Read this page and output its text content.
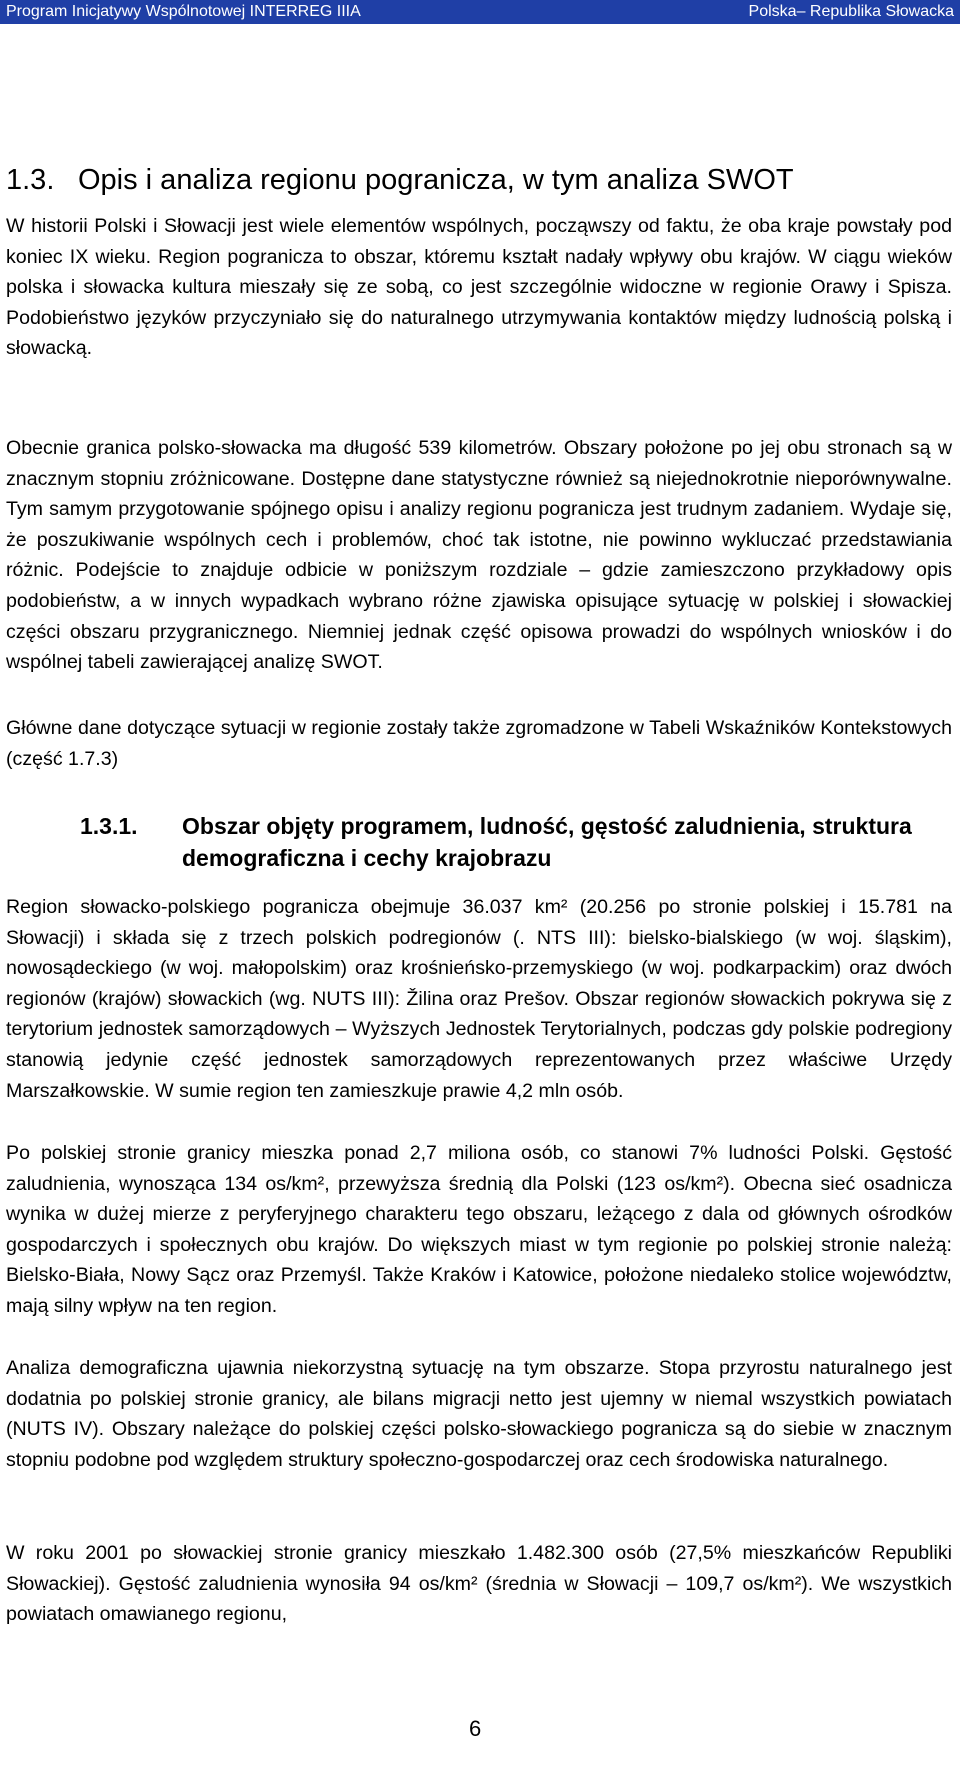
Program Inicjatywy Wspólnotowej INTERREG IIIA	Polska– Republika Słowacka
1.3. Opis i analiza regionu pogranicza, w tym analiza SWOT

W historii Polski i Słowacji jest wiele elementów wspólnych, począwszy od faktu, że oba kraje powstały pod koniec IX wieku. Region pogranicza to obszar, któremu kształt nadały wpływy obu krajów. W ciągu wieków polska i słowacka kultura mieszały się ze sobą, co jest szczególnie widoczne w regionie Orawy i Spisza. Podobieństwo języków przyczyniało się do naturalnego utrzymywania kontaktów między ludnością polską i słowacką.

Obecnie granica polsko-słowacka ma długość 539 kilometrów. Obszary położone po jej obu stronach są w znacznym stopniu zróżnicowane. Dostępne dane statystyczne również są niejednokrotnie nieporównywalne. Tym samym przygotowanie spójnego opisu i analizy regionu pogranicza jest trudnym zadaniem. Wydaje się, że poszukiwanie wspólnych cech i problemów, choć tak istotne, nie powinno wykluczać przedstawiania różnic. Podejście to znajduje odbicie w poniższym rozdziale – gdzie zamieszczono przykładowy opis podobieństw, a w innych wypadkach wybrano różne zjawiska opisujące sytuację w polskiej i słowackiej części obszaru przygranicznego. Niemniej jednak część opisowa prowadzi do wspólnych wniosków i do wspólnej tabeli zawierającej analizę SWOT.

Główne dane dotyczące sytuacji w regionie zostały także zgromadzone w Tabeli Wskaźników Kontekstowych (część 1.7.3)

1.3.1. Obszar objęty programem, ludność, gęstość zaludnienia, struktura demograficzna i cechy krajobrazu

Region słowacko-polskiego pogranicza obejmuje 36.037 km² (20.256 po stronie polskiej i 15.781 na Słowacji) i składa się z trzech polskich podregionów (. NTS III): bielsko-bialskiego (w woj. śląskim), nowosądeckiego (w woj. małopolskim) oraz krośnieńsko-przemyskiego (w woj. podkarpackim) oraz dwóch regionów (krajów) słowackich (wg. NUTS III): Žilina oraz Prešov. Obszar regionów słowackich pokrywa się z terytorium jednostek samorządowych – Wyższych Jednostek Terytorialnych, podczas gdy polskie podregiony stanowią jedynie część jednostek samorządowych reprezentowanych przez właściwe Urzędy Marszałkowskie. W sumie region ten zamieszkuje prawie 4,2 mln osób.

Po polskiej stronie granicy mieszka ponad 2,7 miliona osób, co stanowi 7% ludności Polski. Gęstość zaludnienia, wynosząca 134 os/km², przewyższa średnią dla Polski (123 os/km²). Obecna sieć osadnicza wynika w dużej mierze z peryferyjnego charakteru tego obszaru, leżącego z dala od głównych ośrodków gospodarczych i społecznych obu krajów. Do większych miast w tym regionie po polskiej stronie należą: Bielsko-Biała, Nowy Sącz oraz Przemyśl. Także Kraków i Katowice, położone niedaleko stolice województw, mają silny wpływ na ten region.

Analiza demograficzna ujawnia niekorzystną sytuację na tym obszarze. Stopa przyrostu naturalnego jest dodatnia po polskiej stronie granicy, ale bilans migracji netto jest ujemny w niemal wszystkich powiatach (NUTS IV). Obszary należące do polskiej części polsko-słowackiego pogranicza są do siebie w znacznym stopniu podobne pod względem struktury społeczno-gospodarczej oraz cech środowiska naturalnego.

W roku 2001 po słowackiej stronie granicy mieszkało 1.482.300 osób (27,5% mieszkańców Republiki Słowackiej). Gęstość zaludnienia wynosiła 94 os/km² (średnia w Słowacji – 109,7 os/km²). We wszystkich powiatach omawianego regionu,

6
